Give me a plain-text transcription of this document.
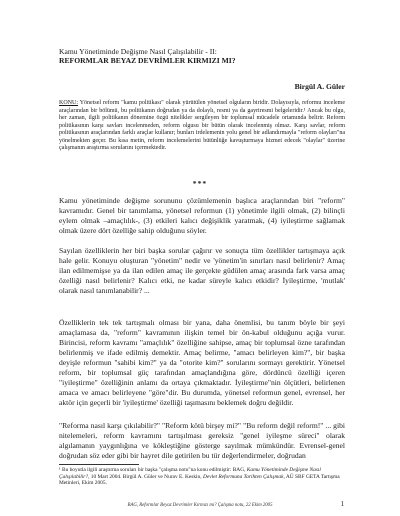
Kamu Yönetiminde Değişme Nasıl Çalışılabilir - II:
REFORMLAR BEYAZ DEVRİMLER KIRMIZI MI?
Birgül A. Güler
KONU: Yönetsel reform "kamu politikası" olarak yürütülen yönetsel olguların biridir. Dolayısıyla, reformu inceleme araçlarından bir bölümü, bu politikanın doğrudan ya da dolaylı, resmi ya da gayriresmi belgeleridir.¹ Ancak bu olgu, her zaman, ilgili politikanın dönemine özgü nitelikler sergileyen bir toplumsal mücadele ortamında belirir. Reform politikasının karşı savları incelenmeden, reform olgusu bir bütün olarak incelenmiş olmaz. Karşı savlar, reform politikasının araçlarından farklı araçlar kullanır; bunları irdelemenin yolu genel bir adlandırmayla "reform olayları"na yönelmekten geçer. Bu kısa metin, reform incelemelerini bütünlüğe kavuşturmaya hizmet edecek "olaylar" üzerine çalışmanın araştırma sorularını içermektedir.
***
Kamu yönetiminde değişme sorununu çözümlemenin başlıca araçlarından biri "reform" kavramıdır. Genel bir tanımlama, yönetsel reformun (1) yönetimle ilgili olmak, (2) bilinçli eylem olmak –amaçlılık-, (3) etkileri kalıcı değişiklik yaratmak, (4) iyileştirme sağlamak olmak üzere dört özelliğe sahip olduğunu söyler.
Sayılan özelliklerin her biri başka sorular çağırır ve sonuçta tüm özellikler tartışmaya açık hale gelir. Konuyu oluşturan "yönetim" nedir ve 'yönetim'in sınırları nasıl belirlenir? Amaç ilan edilmemişse ya da ilan edilen amaç ile gerçekte güdülen amaç arasında fark varsa amaç özelliği nasıl belirlenir? Kalıcı etki, ne kadar süreyle kalıcı etkidir? İyileştirme, 'mutlak' olarak nasıl tanımlanabilir? ...
Özelliklerin tek tek tartışmalı olması bir yana, daha önemlisi, bu tanım böyle bir şeyi amaçlamasa da, "reform" kavramının ilişkin temel bir ön-kabul olduğunu açığa vurur. Birincisi, reform kavramı "amaçlılık" özelliğine sahipse, amaç bir toplumsal özne tarafından belirlenmiş ve ifade edilmiş demektir. Amaç belirme, "amacı belirleyen kim?", bir başka deyişle reformun "sahibi kim?" ya da "otorite kim?" sorularını sormayı gerektirir. Yönetsel reform, bir toplumsal güç tarafından amaçlandığına göre, dördüncü özelliği içeren "iyileştirme" özelliğinin anlamı da ortaya çıkmaktadır. İyileştirme"nin ölçütleri, belirlenen amaca ve amacı belirleyene "göre"dir. Bu durumda, yönetsel reformun genel, evrensel, her aktör için geçerli bir 'iyileştirme' özelliği taşımasını beklemek doğru değildir.
"Reforma nasıl karşı çıkılabilir?" "Reform kötü birşey mi?" "Bu reform değil reform!" ... gibi nitelemeleri, reform kavramını tartışılması gereksiz "genel iyileşme süreci" olarak algılamanın yaygınlığına ve kökleştiğine gösterge sayılmak mümkündür. Evrensel-genel doğrudan söz eder gibi bir hayret dile getirilen bu tür değerlendirmeler, doğrudan
¹ Bu boyutla ilgili araştırma soruları bir başka "çalışma notu"na konu edilmiştir: BAG, Kamu Yönetiminde Değişme Nasıl Çalışılabilir?, 10 Mart 2004. Birgül A. Güler ve Nurav E. Keskin, Devlet Reformuna Tarihten Çalışmak, AÜ SBF GETA Tartışma Metinleri, Ekim 2005.
BAG, Reformlar Beyaz Devrimler Kırmızı mı? Çalışma notu, 22 Ekim 2005	1
